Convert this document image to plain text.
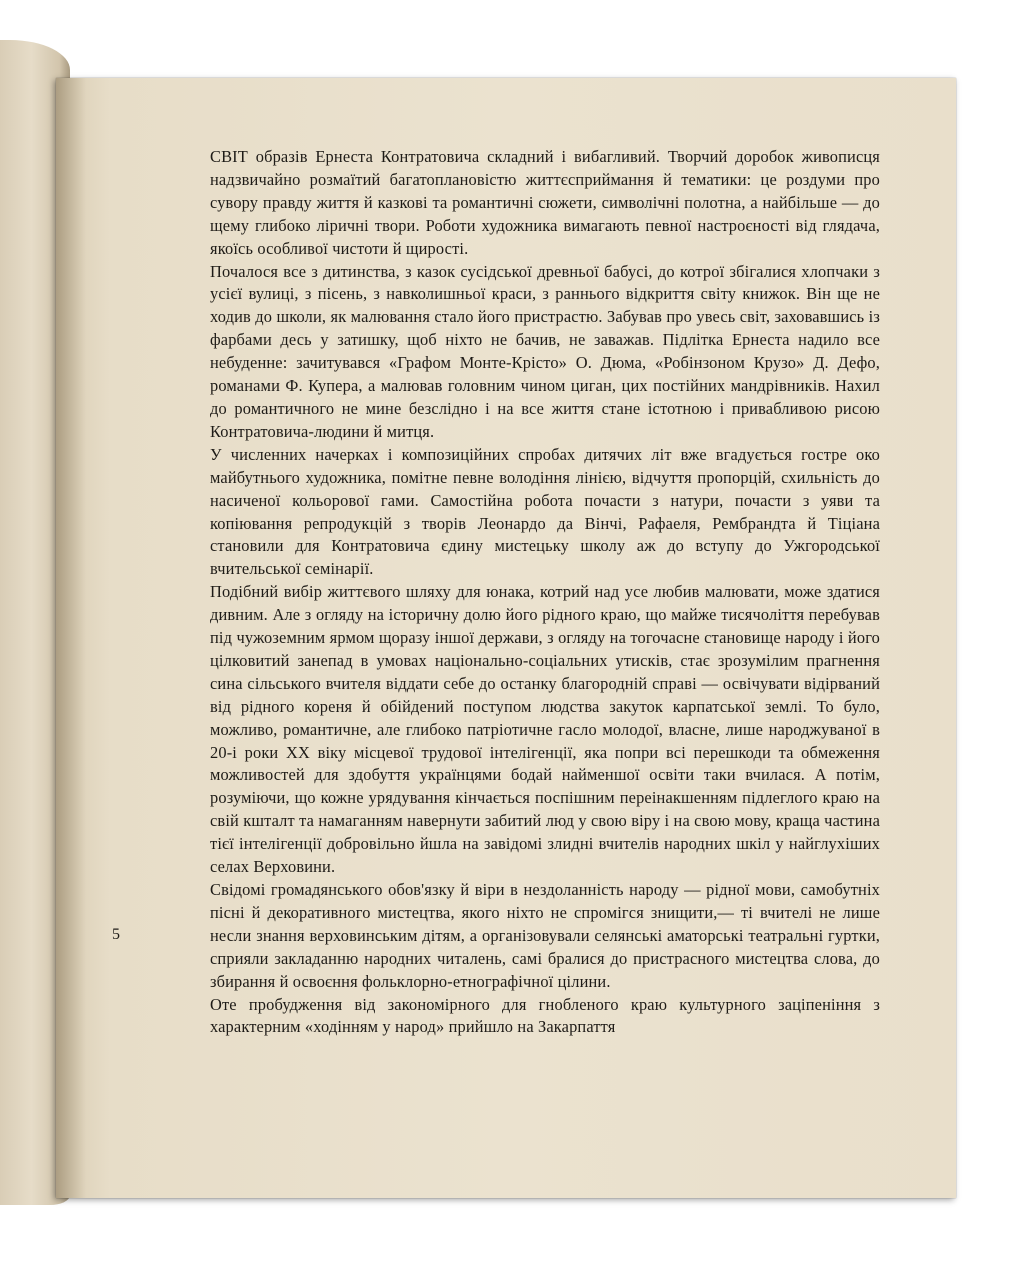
СВІТ образів Ернеста Контратовича складний і вибагливий. Творчий доробок живописця надзвичайно розмаїтий багатоплановістю життєсприймання й тематики: це роздуми про сувору правду життя й казкові та романтичні сюжети, символічні полотна, а найбільше — до щему глибоко ліричні твори. Роботи художника вимагають певної настроєності від глядача, якоїсь особливої чистоти й щирості.

Почалося все з дитинства, з казок сусідської древньої бабусі, до котрої збігалися хлопчаки з усієї вулиці, з пісень, з навколишньої краси, з раннього відкриття світу книжок. Він ще не ходив до школи, як малювання стало його пристрастю. Забував про увесь світ, заховавшись із фарбами десь у затишку, щоб ніхто не бачив, не заважав. Підлітка Ернеста надило все небуденне: зачитувався «Графом Монте-Крісто» О. Дюма, «Робінзоном Крузо» Д. Дефо, романами Ф. Купера, а малював головним чином циган, цих постійних мандрівників. Нахил до романтичного не мине безслідно і на все життя стане істотною і привабливою рисою Контратовича-людини й митця.

У численних начерках і композиційних спробах дитячих літ вже вгадується гостре око майбутнього художника, помітне певне володіння лінією, відчуття пропорцій, схильність до насиченої кольорової гами. Самостійна робота почасти з натури, почасти з уяви та копіювання репродукцій з творів Леонардо да Вінчі, Рафаеля, Рембрандта й Тіціана становили для Контратовича єдину мистецьку школу аж до вступу до Ужгородської вчительської семінарії.

Подібний вибір життєвого шляху для юнака, котрий над усе любив малювати, може здатися дивним. Але з огляду на історичну долю його рідного краю, що майже тисячоліття перебував під чужоземним ярмом щоразу іншої держави, з огляду на тогочасне становище народу і його цілковитий занепад в умовах національно-соціальних утисків, стає зрозумілим прагнення сина сільського вчителя віддати себе до останку благородній справі — освічувати відірваний від рідного кореня й обійдений поступом людства закуток карпатської землі. То було, можливо, романтичне, але глибоко патріотичне гасло молодої, власне, лише народжуваної в 20-і роки XX віку місцевої трудової інтелігенції, яка попри всі перешкоди та обмеження можливостей для здобуття українцями бодай найменшої освіти таки вчилася. А потім, розуміючи, що кожне урядування кінчається поспішним переінакшенням підлеглого краю на свій кшталт та намаганням навернути забитий люд у свою віру і на свою мову, краща частина тієї інтелігенції добровільно йшла на завідомі злидні вчителів народних шкіл у найглухіших селах Верховини.

Свідомі громадянського обов'язку й віри в нездоланність народу — рідної мови, самобутніх пісні й декоративного мистецтва, якого ніхто не спромігся знищити,— ті вчителі не лише несли знання верховинським дітям, а організовували селянські аматорські театральні гуртки, сприяли закладанню народних читалень, самі бралися до пристрасного мистецтва слова, до збирання й освоєння фольклорно-етнографічної цілини.

Оте пробудження від закономірного для гнобленого краю культурного заціпеніння з характерним «ходінням у народ» прийшло на Закарпаття

5
